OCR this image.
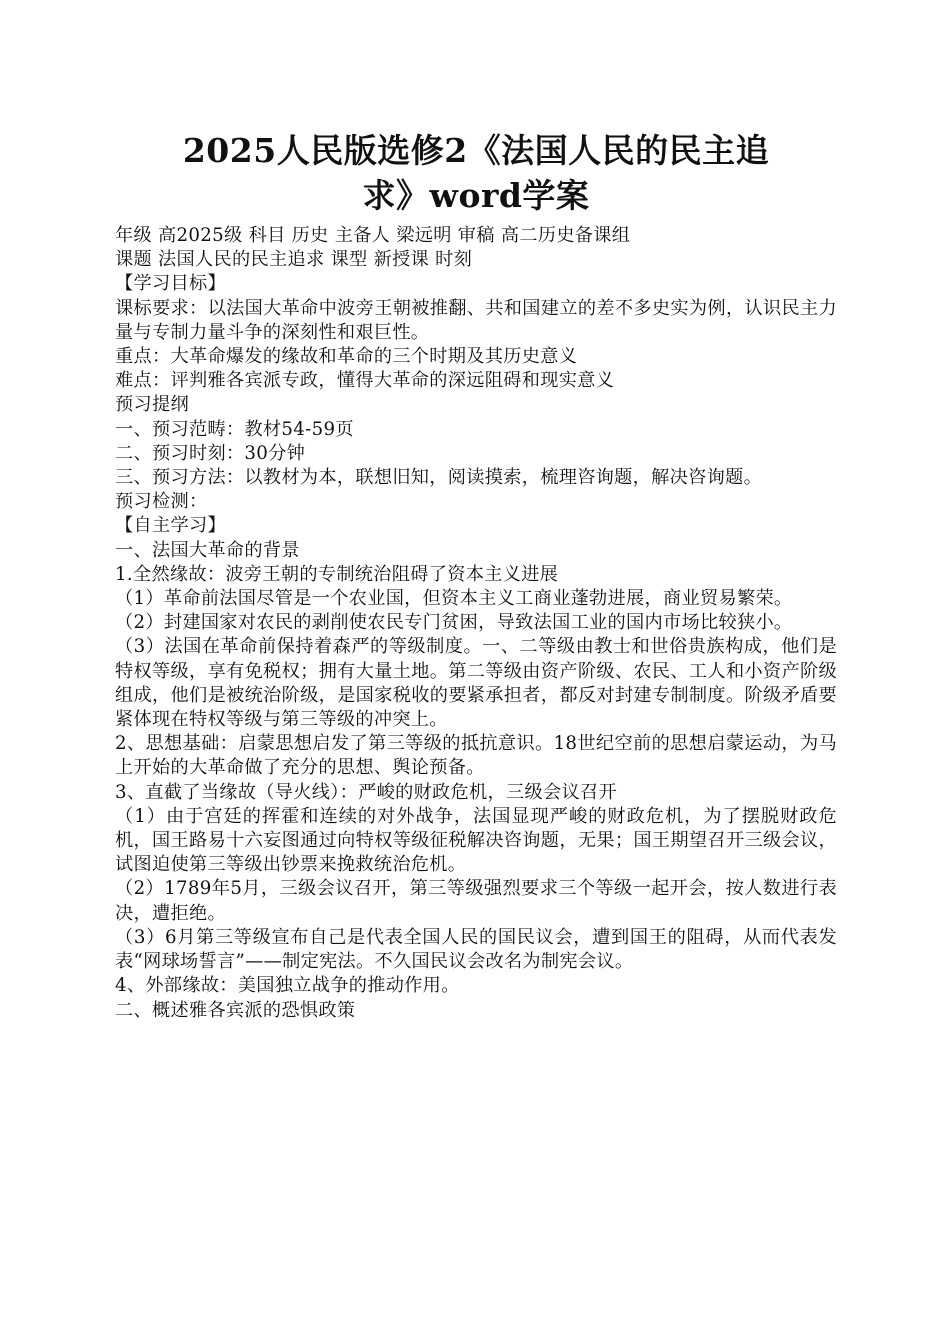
2025人民版选修2《法国人民的民主追
求》word学案

年级 高2025级 科目 历史 主备人 梁远明 审稿 高二历史备课组

课题 法国人民的民主追求 课型 新授课 时刻

【学习目标】

课标要求：以法国大革命中波旁王朝被推翻、共和国建立的差不多史实为例，认识民主力量与专制力量斗争的深刻性和艰巨性。

重点：大革命爆发的缘故和革命的三个时期及其历史意义

难点：评判雅各宾派专政，懂得大革命的深远阻碍和现实意义

预习提纲

一、预习范畴：教材54-59页

二、预习时刻：30分钟

三、预习方法：以教材为本，联想旧知，阅读摸索，梳理咨询题，解决咨询题。

预习检测：

【自主学习】

一、法国大革命的背景

1.全然缘故：波旁王朝的专制统治阻碍了资本主义进展

（1）革命前法国尽管是一个农业国，但资本主义工商业蓬勃进展，商业贸易繁荣。

（2）封建国家对农民的剥削使农民专门贫困，导致法国工业的国内市场比较狭小。

（3）法国在革命前保持着森严的等级制度。一、二等级由教士和世俗贵族构成，他们是特权等级，享有免税权；拥有大量土地。第二等级由资产阶级、农民、工人和小资产阶级组成，他们是被统治阶级，是国家税收的要紧承担者，都反对封建专制制度。阶级矛盾要紧体现在特权等级与第三等级的冲突上。

2、思想基础：启蒙思想启发了第三等级的抵抗意识。18世纪空前的思想启蒙运动，为马上开始的大革命做了充分的思想、舆论预备。

3、直截了当缘故（导火线）：严峻的财政危机，三级会议召开

（1）由于宫廷的挥霍和连续的对外战争，法国显现严峻的财政危机，为了摆脱财政危机，国王路易十六妄图通过向特权等级征税解决咨询题，无果；国王期望召开三级会议，试图迫使第三等级出钞票来挽救统治危机。

（2）1789年5月，三级会议召开，第三等级强烈要求三个等级一起开会，按人数进行表决，遭拒绝。

（3）6月第三等级宣布自己是代表全国人民的国民议会，遭到国王的阻碍，从而代表发表“网球场誓言”——制定宪法。不久国民议会改名为制宪会议。

4、外部缘故：美国独立战争的推动作用。

二、概述雅各宾派的恐惧政策
